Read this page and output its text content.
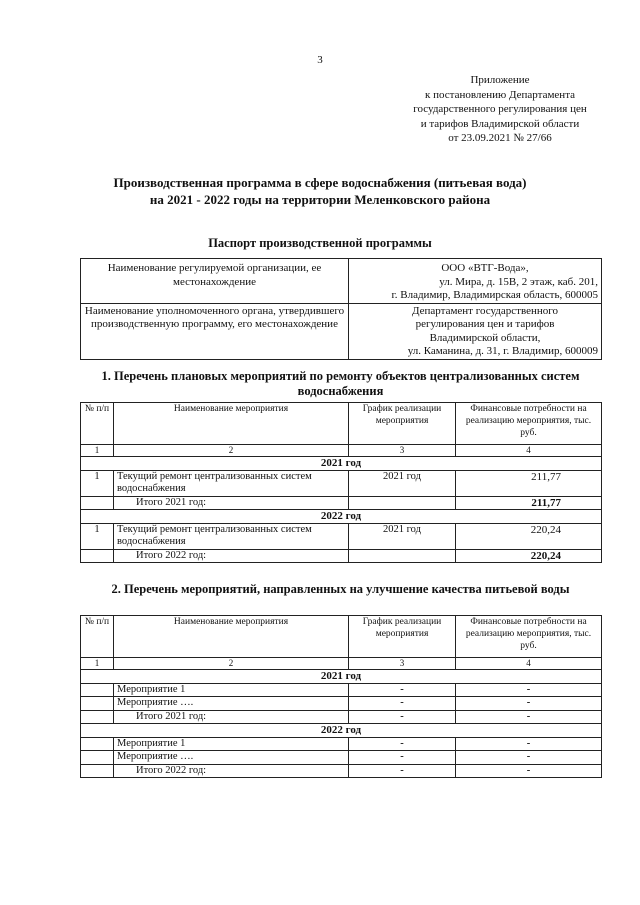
3
Приложение
к постановлению Департамента
государственного регулирования цен
и тарифов Владимирской области
от 23.09.2021 № 27/66
Производственная программа в сфере водоснабжения (питьевая вода)
на 2021 - 2022 годы на территории Меленковского района
Паспорт производственной программы
Наименование регулируемой организации, ее местонахождение	ООО «ВТГ-Вода»,
ул. Мира, д. 15В, 2 этаж, каб. 201,
г. Владимир, Владимирская область, 600005

Наименование уполномоченного органа, утвердившего производственную программу, его местонахождение	Департамент государственного
регулирования цен и тарифов
Владимирской области,
ул. Каманина, д. 31, г. Владимир, 600009
1. Перечень плановых мероприятий по ремонту объектов централизованных систем водоснабжения
№ п/п	Наименование мероприятия	График реализации мероприятия	Финансовые потребности на реализацию мероприятия, тыс. руб.
1	2	3	4
2021 год			
1	Текущий ремонт централизованных систем водоснабжения	2021 год	211,77
	Итого 2021 год:		211,77
2022 год			
1	Текущий ремонт централизованных систем водоснабжения	2021 год	220,24
	Итого 2022 год:		220,24
2. Перечень мероприятий, направленных на улучшение качества питьевой воды
№ п/п	Наименование мероприятия	График реализации мероприятия	Финансовые потребности на реализацию мероприятия, тыс. руб.
1	2	3	4
2021 год			
	Мероприятие 1	-	-
	Мероприятие ….	-	-
	Итого 2021 год:	-	-
2022 год			
	Мероприятие 1	-	-
	Мероприятие ….	-	-
	Итого 2022 год:	-	-
